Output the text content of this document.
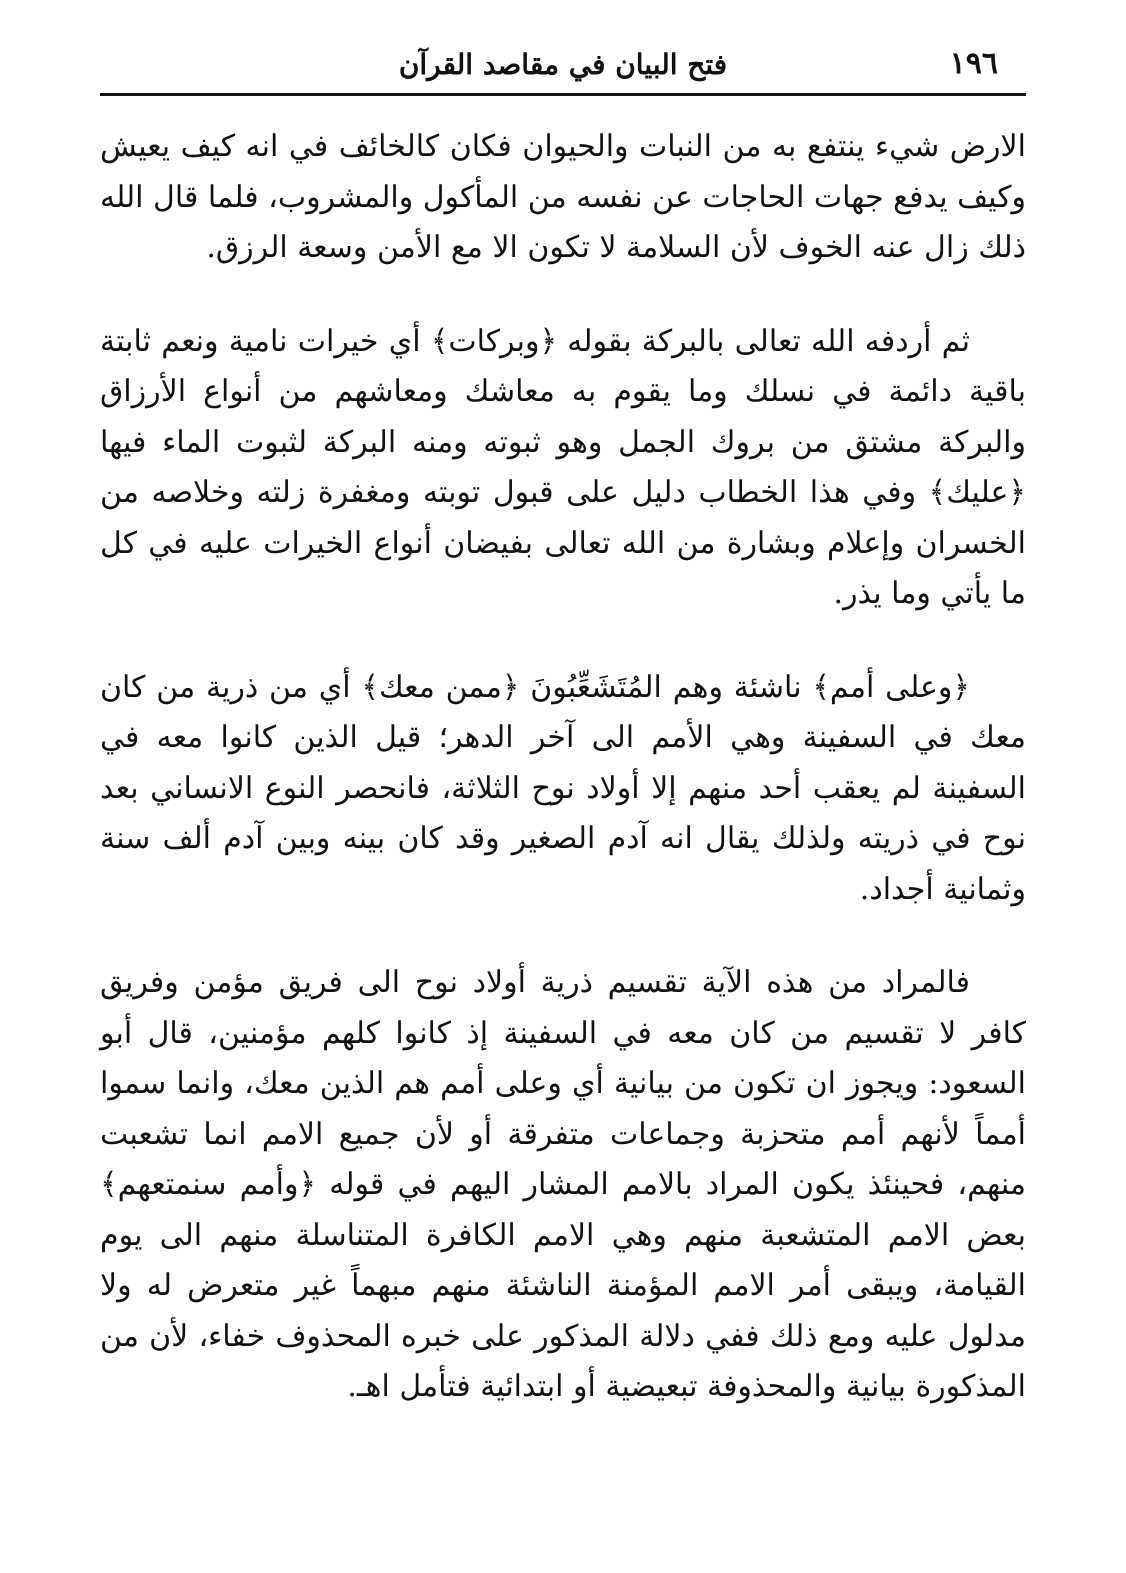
١٩٦
فتح البيان في مقاصد القرآن

الارض شيء ينتفع به من النبات والحيوان فكان كالخائف في انه كيف يعيش وكيف يدفع جهات الحاجات عن نفسه من المأكول والمشروب، فلما قال الله ذلك زال عنه الخوف لأن السلامة لا تكون الا مع الأمن وسعة الرزق.

ثم أردفه الله تعالى بالبركة بقوله ﴿وبركات﴾ أي خيرات نامية ونعم ثابتة باقية دائمة في نسلك وما يقوم به معاشك ومعاشهم من أنواع الأرزاق والبركة مشتق من بروك الجمل وهو ثبوته ومنه البركة لثبوت الماء فيها ﴿عليك﴾ وفي هذا الخطاب دليل على قبول توبته ومغفرة زلته وخلاصه من الخسران وإعلام وبشارة من الله تعالى بفيضان أنواع الخيرات عليه في كل ما يأتي وما يذر.

﴿وعلى أمم﴾ ناشئة وهم المُتَشَعِّبُونَ ﴿ممن معك﴾ أي من ذرية من كان معك في السفينة وهي الأمم الى آخر الدهر؛ قيل الذين كانوا معه في السفينة لم يعقب أحد منهم إلا أولاد نوح الثلاثة، فانحصر النوع الانساني بعد نوح في ذريته ولذلك يقال انه آدم الصغير وقد كان بينه وبين آدم ألف سنة وثمانية أجداد.

فالمراد من هذه الآية تقسيم ذرية أولاد نوح الى فريق مؤمن وفريق كافر لا تقسيم من كان معه في السفينة إذ كانوا كلهم مؤمنين، قال أبو السعود: ويجوز ان تكون من بيانية أي وعلى أمم هم الذين معك، وانما سموا أمماً لأنهم أمم متحزبة وجماعات متفرقة أو لأن جميع الامم انما تشعبت منهم، فحينئذ يكون المراد بالامم المشار اليهم في قوله ﴿وأمم سنمتعهم﴾ بعض الامم المتشعبة منهم وهي الامم الكافرة المتناسلة منهم الى يوم القيامة، ويبقى أمر الامم المؤمنة الناشئة منهم مبهماً غير متعرض له ولا مدلول عليه ومع ذلك ففي دلالة المذكور على خبره المحذوف خفاء، لأن من المذكورة بيانية والمحذوفة تبعيضية أو ابتدائية فتأمل اهـ.
